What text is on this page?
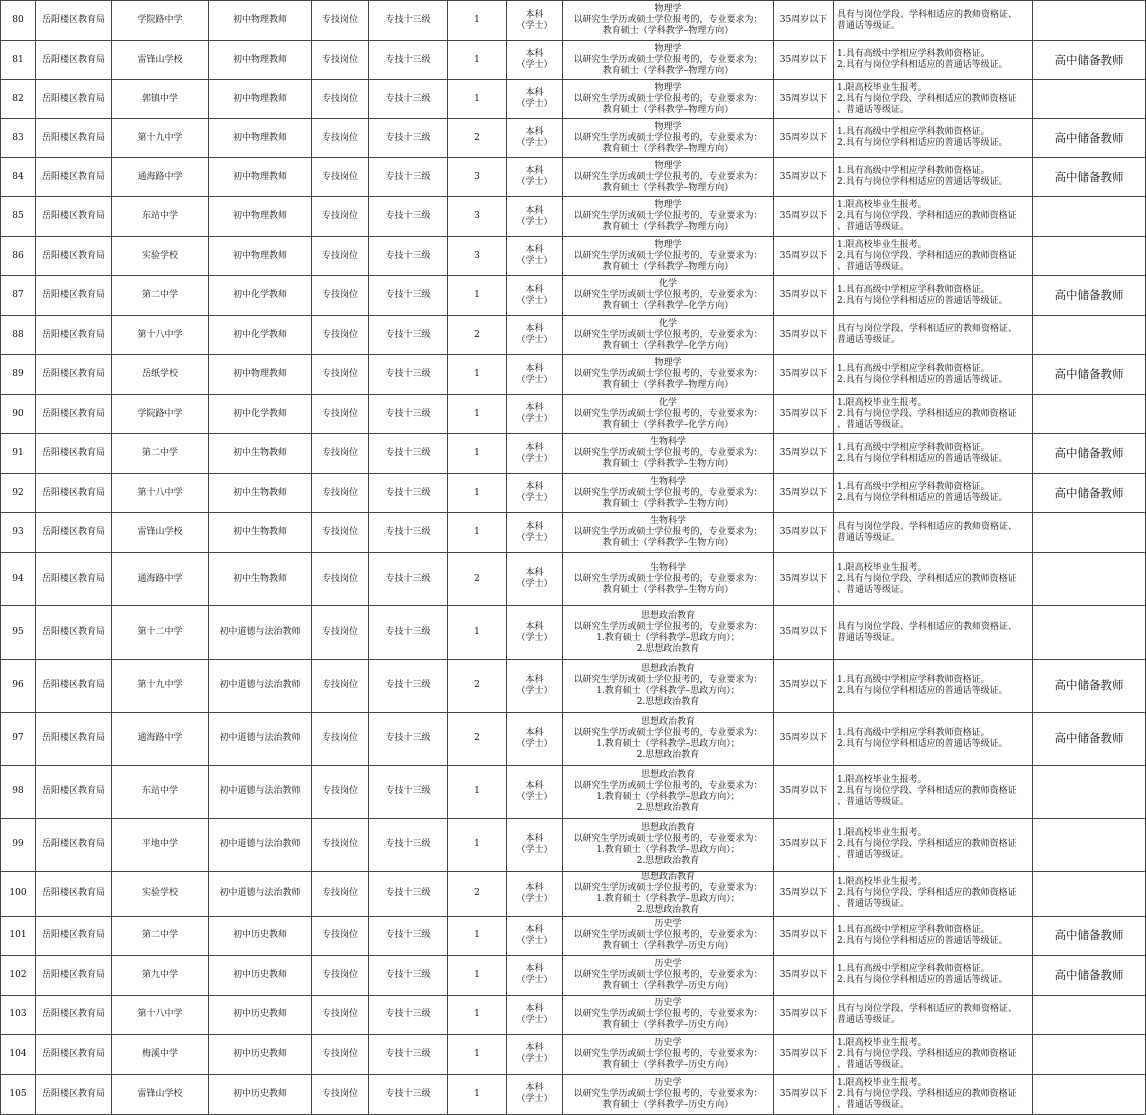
80	岳阳楼区教育局	学院路中学	初中物理教师	专技岗位	专技十三级	1	本科
（学士）	物理学
以研究生学历或硕士学位报考的，专业要求为：
教育硕士（学科教学–物理方向）	35周岁以下	具有与岗位学段、学科相适应的教师资格证、
普通话等级证。	
81	岳阳楼区教育局	雷锋山学校	初中物理教师	专技岗位	专技十三级	1	本科
（学士）	物理学
以研究生学历或硕士学位报考的，专业要求为：
教育硕士（学科教学–物理方向）	35周岁以下	1.具有高级中学相应学科教师资格证。
2.具有与岗位学科相适应的普通话等级证。	高中储备教师
82	岳阳楼区教育局	郭镇中学	初中物理教师	专技岗位	专技十三级	1	本科
（学士）	物理学
以研究生学历或硕士学位报考的，专业要求为：
教育硕士（学科教学–物理方向）	35周岁以下	1.限高校毕业生报考。
2.具有与岗位学段、学科相适应的教师资格证
、普通话等级证。	
83	岳阳楼区教育局	第十九中学	初中物理教师	专技岗位	专技十三级	2	本科
（学士）	物理学
以研究生学历或硕士学位报考的，专业要求为：
教育硕士（学科教学–物理方向）	35周岁以下	1.具有高级中学相应学科教师资格证。
2.具有与岗位学科相适应的普通话等级证。	高中储备教师
84	岳阳楼区教育局	通海路中学	初中物理教师	专技岗位	专技十三级	3	本科
（学士）	物理学
以研究生学历或硕士学位报考的，专业要求为：
教育硕士（学科教学–物理方向）	35周岁以下	1.具有高级中学相应学科教师资格证。
2.具有与岗位学科相适应的普通话等级证。	高中储备教师
85	岳阳楼区教育局	东站中学	初中物理教师	专技岗位	专技十三级	3	本科
（学士）	物理学
以研究生学历或硕士学位报考的，专业要求为：
教育硕士（学科教学–物理方向）	35周岁以下	1.限高校毕业生报考。
2.具有与岗位学段、学科相适应的教师资格证
、普通话等级证。	
86	岳阳楼区教育局	实验学校	初中物理教师	专技岗位	专技十三级	3	本科
（学士）	物理学
以研究生学历或硕士学位报考的，专业要求为：
教育硕士（学科教学–物理方向）	35周岁以下	1.限高校毕业生报考。
2.具有与岗位学段、学科相适应的教师资格证
、普通话等级证。	
87	岳阳楼区教育局	第二中学	初中化学教师	专技岗位	专技十三级	1	本科
（学士）	化学
以研究生学历或硕士学位报考的，专业要求为：
教育硕士（学科教学–化学方向）	35周岁以下	1.具有高级中学相应学科教师资格证。
2.具有与岗位学科相适应的普通话等级证。	高中储备教师
88	岳阳楼区教育局	第十八中学	初中化学教师	专技岗位	专技十三级	2	本科
（学士）	化学
以研究生学历或硕士学位报考的，专业要求为：
教育硕士（学科教学–化学方向）	35周岁以下	具有与岗位学段、学科相适应的教师资格证、
普通话等级证。	
89	岳阳楼区教育局	岳纸学校	初中物理教师	专技岗位	专技十三级	1	本科
（学士）	物理学
以研究生学历或硕士学位报考的，专业要求为：
教育硕士（学科教学–物理方向）	35周岁以下	1.具有高级中学相应学科教师资格证。
2.具有与岗位学科相适应的普通话等级证。	高中储备教师
90	岳阳楼区教育局	学院路中学	初中化学教师	专技岗位	专技十三级	1	本科
（学士）	化学
以研究生学历或硕士学位报考的，专业要求为：
教育硕士（学科教学–化学方向）	35周岁以下	1.限高校毕业生报考。
2.具有与岗位学段、学科相适应的教师资格证
、普通话等级证。	
91	岳阳楼区教育局	第二中学	初中生物教师	专技岗位	专技十三级	1	本科
（学士）	生物科学
以研究生学历或硕士学位报考的，专业要求为：
教育硕士（学科教学–生物方向）	35周岁以下	1.具有高级中学相应学科教师资格证。
2.具有与岗位学科相适应的普通话等级证。	高中储备教师
92	岳阳楼区教育局	第十八中学	初中生物教师	专技岗位	专技十三级	1	本科
（学士）	生物科学
以研究生学历或硕士学位报考的，专业要求为：
教育硕士（学科教学–生物方向）	35周岁以下	1.具有高级中学相应学科教师资格证。
2.具有与岗位学科相适应的普通话等级证。	高中储备教师
93	岳阳楼区教育局	雷锋山学校	初中生物教师	专技岗位	专技十三级	1	本科
（学士）	生物科学
以研究生学历或硕士学位报考的，专业要求为：
教育硕士（学科教学–生物方向）	35周岁以下	具有与岗位学段、学科相适应的教师资格证、
普通话等级证。	
94	岳阳楼区教育局	通海路中学	初中生物教师	专技岗位	专技十三级	2	本科
（学士）	生物科学
以研究生学历或硕士学位报考的，专业要求为：
教育硕士（学科教学–生物方向）	35周岁以下	1.限高校毕业生报考。
2.具有与岗位学段、学科相适应的教师资格证
、普通话等级证。	
95	岳阳楼区教育局	第十二中学	初中道德与法治教师	专技岗位	专技十三级	1	本科
（学士）	思想政治教育
以研究生学历或硕士学位报考的，专业要求为：
1.教育硕士（学科教学–思政方向）；
2.思想政治教育	35周岁以下	具有与岗位学段、学科相适应的教师资格证、
普通话等级证。	
96	岳阳楼区教育局	第十九中学	初中道德与法治教师	专技岗位	专技十三级	2	本科
（学士）	思想政治教育
以研究生学历或硕士学位报考的，专业要求为：
1.教育硕士（学科教学–思政方向）；
2.思想政治教育	35周岁以下	1.具有高级中学相应学科教师资格证。
2.具有与岗位学科相适应的普通话等级证。	高中储备教师
97	岳阳楼区教育局	通海路中学	初中道德与法治教师	专技岗位	专技十三级	2	本科
（学士）	思想政治教育
以研究生学历或硕士学位报考的，专业要求为：
1.教育硕士（学科教学–思政方向）；
2.思想政治教育	35周岁以下	1.具有高级中学相应学科教师资格证。
2.具有与岗位学科相适应的普通话等级证。	高中储备教师
98	岳阳楼区教育局	东站中学	初中道德与法治教师	专技岗位	专技十三级	1	本科
（学士）	思想政治教育
以研究生学历或硕士学位报考的，专业要求为：
1.教育硕士（学科教学–思政方向）；
2.思想政治教育	35周岁以下	1.限高校毕业生报考。
2.具有与岗位学段、学科相适应的教师资格证
、普通话等级证。	
99	岳阳楼区教育局	平地中学	初中道德与法治教师	专技岗位	专技十三级	1	本科
（学士）	思想政治教育
以研究生学历或硕士学位报考的，专业要求为：
1.教育硕士（学科教学–思政方向）；
2.思想政治教育	35周岁以下	1.限高校毕业生报考。
2.具有与岗位学段、学科相适应的教师资格证
、普通话等级证。	
100	岳阳楼区教育局	实验学校	初中道德与法治教师	专技岗位	专技十三级	2	本科
（学士）	思想政治教育
以研究生学历或硕士学位报考的，专业要求为：
1.教育硕士（学科教学–思政方向）；
2.思想政治教育	35周岁以下	1.限高校毕业生报考。
2.具有与岗位学段、学科相适应的教师资格证
、普通话等级证。	
101	岳阳楼区教育局	第二中学	初中历史教师	专技岗位	专技十三级	1	本科
（学士）	历史学
以研究生学历或硕士学位报考的，专业要求为：
教育硕士（学科教学–历史方向）	35周岁以下	1.具有高级中学相应学科教师资格证。
2.具有与岗位学科相适应的普通话等级证。	高中储备教师
102	岳阳楼区教育局	第九中学	初中历史教师	专技岗位	专技十三级	1	本科
（学士）	历史学
以研究生学历或硕士学位报考的，专业要求为：
教育硕士（学科教学–历史方向）	35周岁以下	1.具有高级中学相应学科教师资格证。
2.具有与岗位学科相适应的普通话等级证。	高中储备教师
103	岳阳楼区教育局	第十八中学	初中历史教师	专技岗位	专技十三级	1	本科
（学士）	历史学
以研究生学历或硕士学位报考的，专业要求为：
教育硕士（学科教学–历史方向）	35周岁以下	具有与岗位学段、学科相适应的教师资格证、
普通话等级证。	
104	岳阳楼区教育局	梅溪中学	初中历史教师	专技岗位	专技十三级	1	本科
（学士）	历史学
以研究生学历或硕士学位报考的，专业要求为：
教育硕士（学科教学–历史方向）	35周岁以下	1.限高校毕业生报考。
2.具有与岗位学段、学科相适应的教师资格证
、普通话等级证。	
105	岳阳楼区教育局	雷锋山学校	初中历史教师	专技岗位	专技十三级	1	本科
（学士）	历史学
以研究生学历或硕士学位报考的，专业要求为：
教育硕士（学科教学–历史方向）	35周岁以下	1.限高校毕业生报考。
2.具有与岗位学段、学科相适应的教师资格证
、普通话等级证。	
